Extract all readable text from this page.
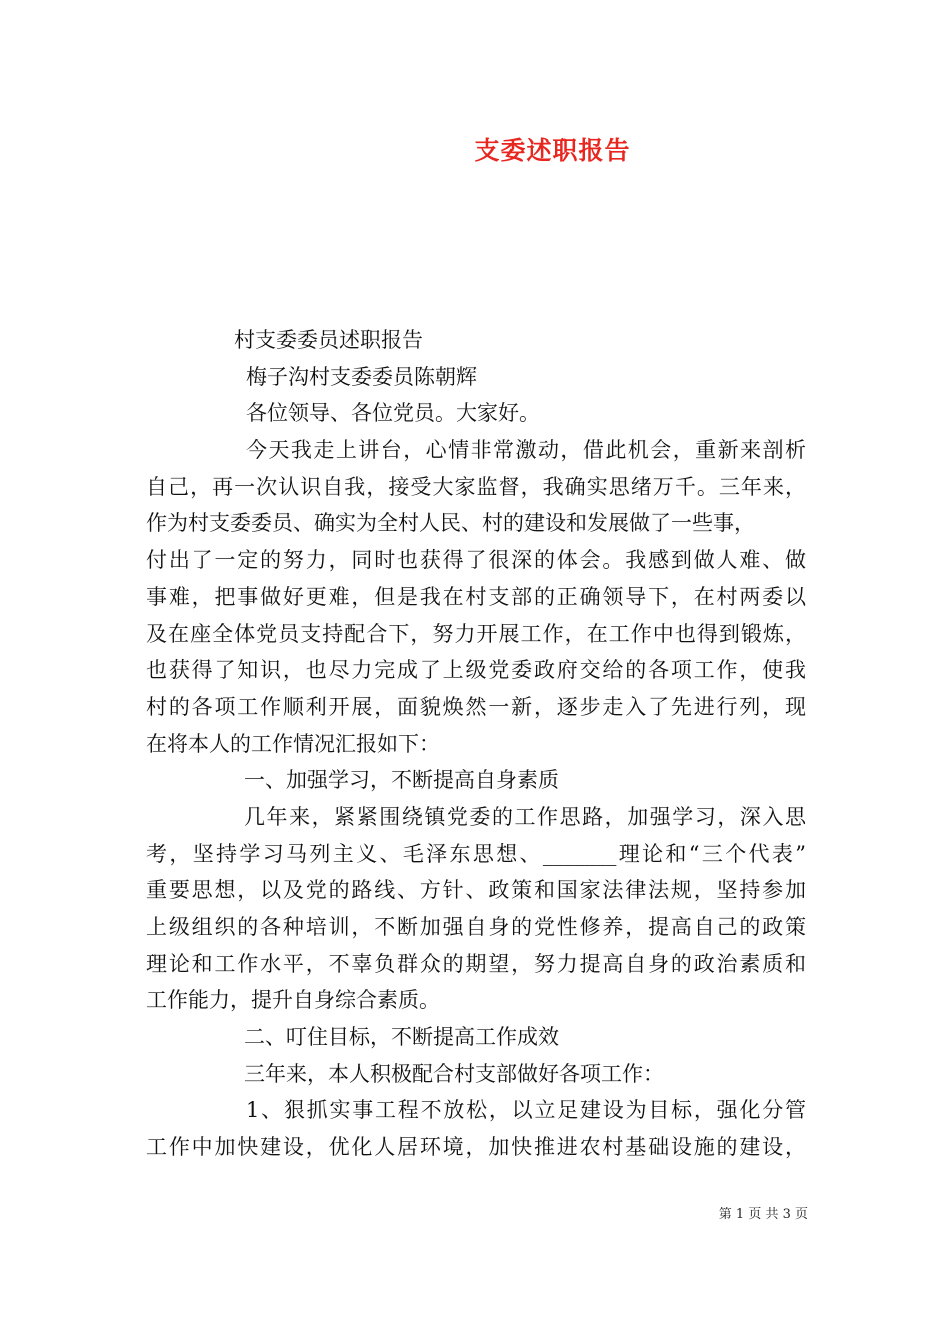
支委述职报告
村支委委员述职报告
梅子沟村支委委员陈朝辉
各位领导、各位党员。大家好。
今天我走上讲台，心情非常激动，借此机会，重新来剖析
自己，再一次认识自我，接受大家监督，我确实思绪万千。三年来，
作为村支委委员、确实为全村人民、村的建设和发展做了一些事，
付出了一定的努力，同时也获得了很深的体会。我感到做人难、做
事难，把事做好更难，但是我在村支部的正确领导下，在村两委以
及在座全体党员支持配合下，努力开展工作，在工作中也得到锻炼，
也获得了知识，也尽力完成了上级党委政府交给的各项工作，使我
村的各项工作顺利开展，面貌焕然一新，逐步走入了先进行列，现
在将本人的工作情况汇报如下：
一、加强学习，不断提高自身素质
几年来，紧紧围绕镇党委的工作思路，加强学习，深入思
考，坚持学习马列主义、毛泽东思想、_______理论和“三个代表”
重要思想，以及党的路线、方针、政策和国家法律法规，坚持参加
上级组织的各种培训，不断加强自身的党性修养，提高自己的政策
理论和工作水平，不辜负群众的期望，努力提高自身的政治素质和
工作能力，提升自身综合素质。
二、叮住目标，不断提高工作成效
三年来，本人积极配合村支部做好各项工作：
1、狠抓实事工程不放松，以立足建设为目标，强化分管
工作中加快建设，优化人居环境，加快推进农村基础设施的建设，
第 1 页 共 3 页
